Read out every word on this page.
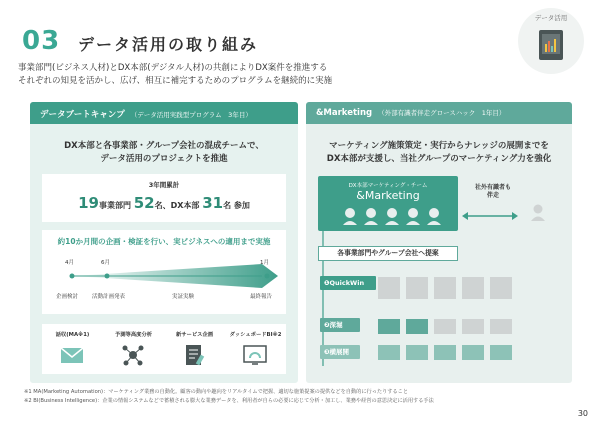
03 データ活用の取り組み
事業部門(ビジネス人材)とDX本部(デジタル人材)の共創によりDX案件を推進する
それぞれの知見を活かし、広げ、相互に補完するためのプログラムを継続的に実施
データ活用
データブートキャンプ （データ活用実践型プログラム　3年目）
DX本部と各事業部・グループ会社の混成チームで、
データ活用のプロジェクトを推進
3年間累計
19事業部門 52名、DX本部 31名 参加
約10か月間の企画・検証を行い、実ビジネスへの適用まで実施
4月	6月	1月
企画検討	活動計画発表	実証実験	最終報告
話収(MA※1)	予測等高度分析	新サービス企画	ダッシュボードBI※2
&Marketing （外部有識者伴走グロースハック　1年目）
マーケティング施策策定・実行からナレッジの展開までを
DX本部が支援し、当社グループのマーケティング力を強化
DX本部マーケティング・チーム
&Marketing
社外有識者も
伴走
各事業部門やグループ会社へ提案
❶QuickWin
❷深堀
❸横展開
※1 MA(Marketing Automation)：マーケティング業務の自動化。顧客の動向や趣向をリアルタイムで把握、適切な施策提案の提供などを自動的に行ったりすること
※2 BI(Business Intelligence)：企業の情報システムなどで蓄積される膨大な業務データを、利用者が自らの必要に応じて分析・加工し、業務や経営の意思決定に活用する手法
30
